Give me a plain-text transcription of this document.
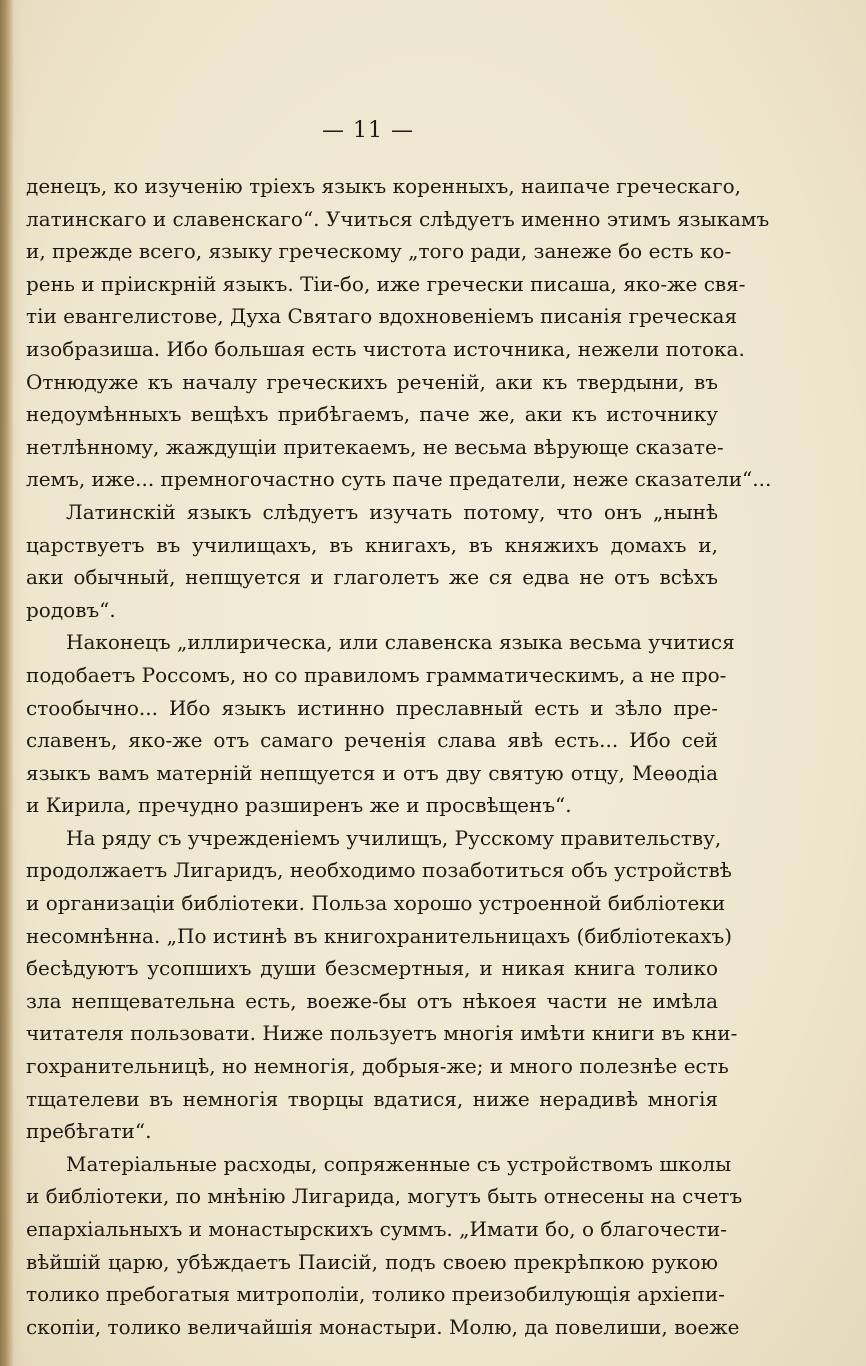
— 11 —
денецъ, ко изученію тріехъ языкъ коренныхъ, наипаче греческаго,
латинскаго и славенскаго“. Учиться слѣдуетъ именно этимъ языкамъ
и, прежде всего, языку греческому „того ради, занеже бо есть ко-
рень и пріискрній языкъ. Тіи-бо, иже гречески писаша, яко-же свя-
тіи евангелистове, Духа Святаго вдохновеніемъ писанія греческая
изобразиша. Ибо большая есть чистота источника, нежели потока.
Отнюдуже къ началу греческихъ реченій, аки къ твердыни, въ
недоумѣнныхъ вещѣхъ прибѣгаемъ, паче же, аки къ источнику
нетлѣнному, жаждущіи притекаемъ, не весьма вѣрующе сказате-
лемъ, иже... премногочастно суть паче предатели, неже сказатели“...
Латинскій языкъ слѣдуетъ изучать потому, что онъ „нынѣ
царствуетъ въ училищахъ, въ книгахъ, въ княжихъ домахъ и,
аки обычный, непщуется и глаголетъ же ся едва не отъ всѣхъ
родовъ“.
Наконецъ „иллирическа, или славенска языка весьма учитися
подобаетъ Россомъ, но со правиломъ грамматическимъ, а не про-
стообычно... Ибо языкъ истинно преславный есть и зѣло пре-
славенъ, яко-же отъ самаго реченія слава явѣ есть... Ибо сей
языкъ вамъ матерній непщуется и отъ дву святую отцу, Меѳодіа
и Кирила, пречудно разширенъ же и просвѣщенъ“.
На ряду съ учрежденіемъ училищъ, Русскому правительству,
продолжаетъ Лигаридъ, необходимо позаботиться объ устройствѣ
и организаціи библіотеки. Польза хорошо устроенной библіотеки
несомнѣнна. „По истинѣ въ книгохранительницахъ (библіотекахъ)
бесѣдуютъ усопшихъ души безсмертныя, и никая книга толико
зла непщевательна есть, воеже-бы отъ нѣкоея части не имѣла
читателя пользовати. Ниже пользуетъ многія имѣти книги въ кни-
гохранительницѣ, но немногія, добрыя-же; и много полезнѣе есть
тщателеви въ немногія творцы вдатися, ниже нерадивѣ многія
пребѣгати“.
Матеріальные расходы, сопряженные съ устройствомъ школы
и библіотеки, по мнѣнію Лигарида, могутъ быть отнесены на счетъ
епархіальныхъ и монастырскихъ суммъ. „Имати бо, о благочести-
вѣйшій царю, убѣждаетъ Паисій, подъ своею прекрѣпкою рукою
толико пребогатыя митрополіи, толико преизобилующія архіепи-
скопіи, толико величайшія монастыри. Молю, да повелиши, воеже
